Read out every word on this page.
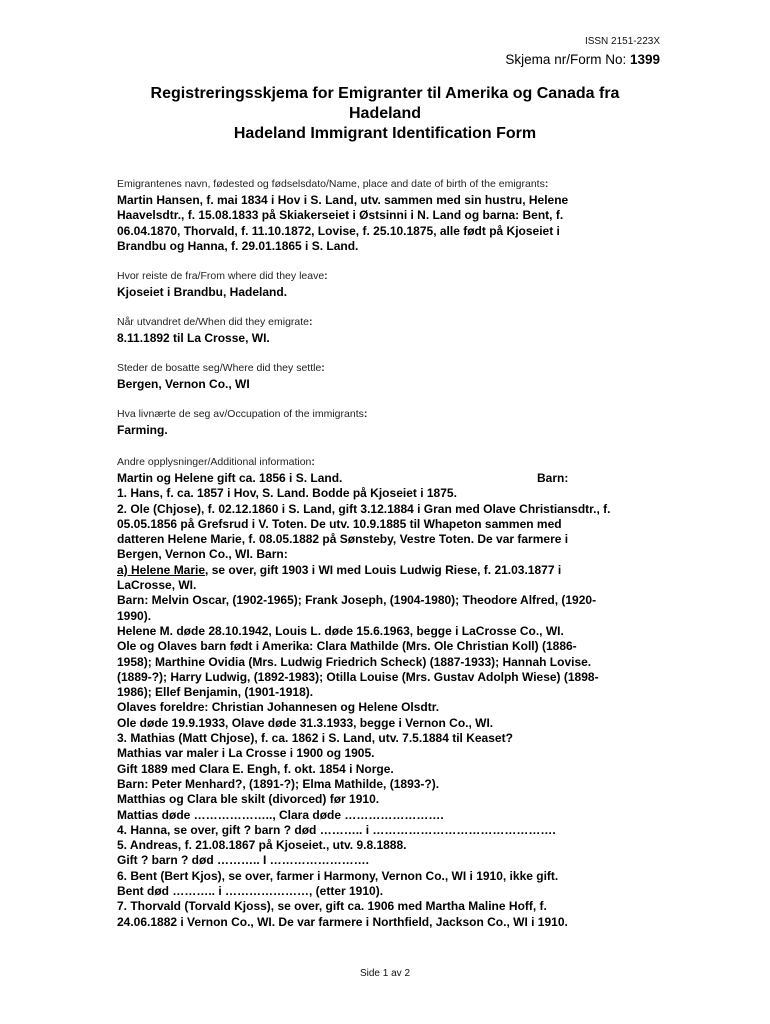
ISSN 2151-223X
Skjema nr/Form No: 1399
Registreringsskjema for Emigranter til Amerika og Canada fra
Hadeland
Hadeland Immigrant Identification Form
Emigrantenes navn, fødested og fødselsdato/Name, place and date of birth of the emigrants:
Martin Hansen, f. mai 1834 i Hov i S. Land, utv. sammen med sin hustru, Helene
Haavelsdtr., f. 15.08.1833 på Skiakerseiet i Østsinni i N. Land og barna: Bent, f.
06.04.1870, Thorvald, f. 11.10.1872, Lovise, f. 25.10.1875, alle født på Kjoseiet i
Brandbu og Hanna, f. 29.01.1865 i S. Land.
Hvor reiste de fra/From where did they leave:
Kjoseiet i Brandbu, Hadeland.
Når utvandret de/When did they emigrate:
8.11.1892 til La Crosse, WI.
Steder de bosatte seg/Where did they settle:
Bergen, Vernon Co., WI
Hva livnærte de seg av/Occupation of the immigrants:
Farming.
Andre opplysninger/Additional information:
Martin og Helene gift ca. 1856 i S. Land.	Barn:
1. Hans, f. ca. 1857 i Hov, S. Land. Bodde på Kjoseiet i 1875.
2. Ole (Chjose), f. 02.12.1860 i S. Land, gift 3.12.1884 i Gran med Olave Christiansdtr., f.
05.05.1856 på Grefsrud i V. Toten. De utv. 10.9.1885 til Whapeton sammen med
datteren Helene Marie, f. 08.05.1882 på Sønsteby, Vestre Toten. De var farmere i
Bergen, Vernon Co., WI. Barn:
a) Helene Marie, se over, gift 1903 i WI med Louis Ludwig Riese, f. 21.03.1877 i
LaCrosse, WI.
Barn: Melvin Oscar, (1902-1965); Frank Joseph, (1904-1980); Theodore Alfred, (1920-
1990).
Helene M. døde 28.10.1942, Louis L. døde 15.6.1963, begge i LaCrosse Co., WI.
Ole og Olaves barn født i Amerika: Clara Mathilde (Mrs. Ole Christian Koll) (1886-
1958); Marthine Ovidia (Mrs. Ludwig Friedrich Scheck) (1887-1933); Hannah Lovise.
(1889-?); Harry Ludwig, (1892-1983); Otilla Louise (Mrs. Gustav Adolph Wiese) (1898-
1986); Ellef Benjamin, (1901-1918).
Olaves foreldre: Christian Johannesen og Helene Olsdtr.
Ole døde 19.9.1933, Olave døde 31.3.1933, begge i Vernon Co., WI.
3. Mathias (Matt Chjose), f. ca. 1862 i S. Land, utv. 7.5.1884 til Keaset?
Mathias var maler i La Crosse i 1900 og 1905.
Gift 1889 med Clara E. Engh, f. okt. 1854 i Norge.
Barn: Peter Menhard?, (1891-?); Elma Mathilde, (1893-?).
Matthias og Clara ble skilt (divorced) før 1910.
Mattias døde ……………….., Clara døde …………………….
4. Hanna, se over, gift ? barn ? død ……….. i ……………………………………….
5. Andreas, f. 21.08.1867 på Kjoseiet., utv. 9.8.1888.
Gift ? barn ? død ……….. I …………………….
6. Bent (Bert Kjos), se over, farmer i Harmony, Vernon Co., WI i 1910, ikke gift.
Bent død ……….. i …………………, (etter 1910).
7. Thorvald (Torvald Kjoss), se over, gift ca. 1906 med Martha Maline Hoff, f.
24.06.1882 i Vernon Co., WI. De var farmere i Northfield, Jackson Co., WI i 1910.
Side 1 av 2
